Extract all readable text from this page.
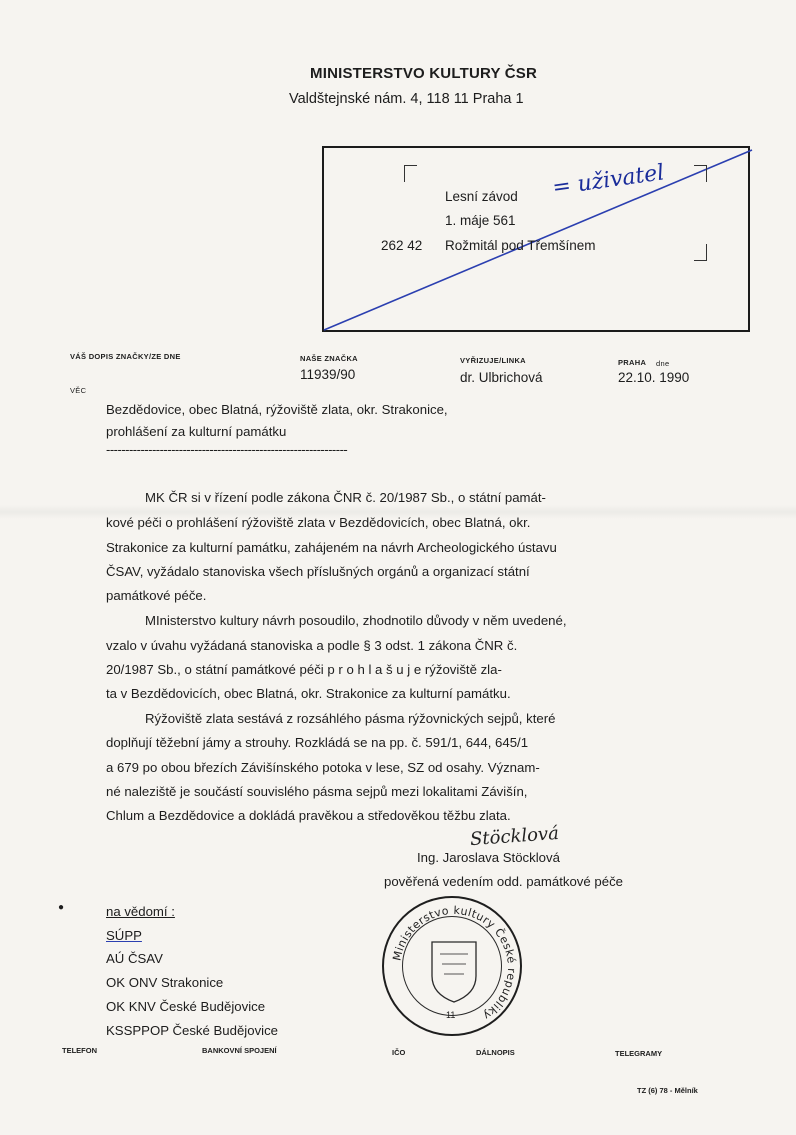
MINISTERSTVO KULTURY ČSR
Valdštejnské nám. 4, 118 11 Praha 1
Lesní závod
1. máje 561
262 42 Rožmitál pod Třemšínem
= uživatel
VÁŠ DOPIS ZNAČKY/ZE DNE	NAŠE ZNAČKA
11939/90
VYŘIZUJE/LINKA
dr. Ulbrichová
PRAHA dne
22.10. 1990
VĚC
Bezdědovice, obec Blatná, rýžoviště zlata, okr. Strakonice,
prohlášení za kulturní památku
---------------------------------------------------------------
MK ČR si v řízení podle zákona ČNR č. 20/1987 Sb., o státní památ-
kové péči o prohlášení rýžoviště zlata v Bezdědovicích, obec Blatná, okr.
Strakonice za kulturní památku, zahájeném na návrh Archeologického ústavu
ČSAV, vyžádalo stanoviska všech příslušných orgánů a organizací státní
památkové péče.
MInisterstvo kultury návrh posoudilo, zhodnotilo důvody v něm uvedené,
vzalo v úvahu vyžádaná stanoviska a podle § 3 odst. 1 zákona ČNR č.
20/1987 Sb., o státní památkové péči p r o h l a š u j e rýžoviště zla-
ta v Bezdědovicích, obec Blatná, okr. Strakonice za kulturní památku.
Rýžoviště zlata sestává z rozsáhlého pásma rýžovnických sejpů, které
doplňují těžební jámy a strouhy. Rozkládá se na pp. č. 591/1, 644, 645/1
a 679 po obou březích Závišínského potoka v lese, SZ od osahy. Význam-
né naleziště je součástí souvislého pásma sejpů mezi lokalitami Závišín,
Chlum a Bezdědovice a dokládá pravěkou a středověkou těžbu zlata.
Stöcklová
Ing. Jaroslava Stöcklová
pověřená vedením odd. památkové péče
●	na vědomí :
SÚPP
AÚ ČSAV
OK ONV Strakonice
OK KNV České Budějovice
KSSPPOP České Budějovice
Ministerstvo kultury České republiky
11
TELEFON	BANKOVNÍ SPOJENÍ	IČO	DÁLNOPIS	TELEGRAMY
TZ (6) 78 - Mělník
